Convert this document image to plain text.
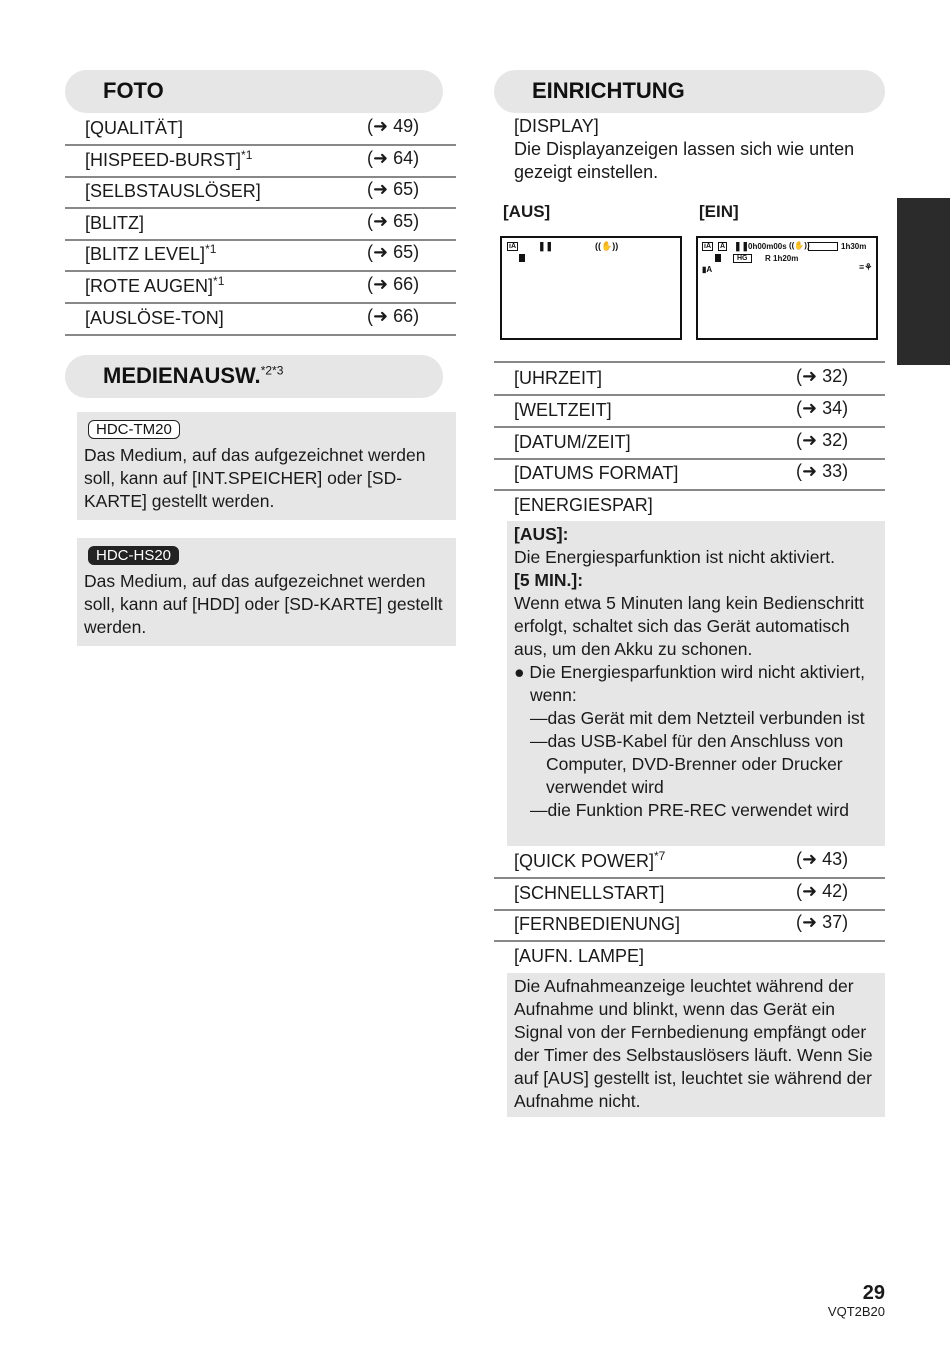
FOTO
[QUALITÄT]	(➜ 49)
[HISPEED-BURST]$^{*1}$	(➜ 64)
[SELBSTAUSLÖSER]	(➜ 65)
[BLITZ]	(➜ 65)
[BLITZ LEVEL]$^{*1}$	(➜ 65)
[ROTE AUGEN]$^{*1}$	(➜ 66)
[AUSLÖSE-TON]	(➜ 66)
MEDIENAUSW.$^{*2*3}$
HDC-TM20
Das Medium, auf das aufgezeichnet werden soll, kann auf [INT.SPEICHER] oder [SD-KARTE] gestellt werden.
HDC-HS20
Das Medium, auf das aufgezeichnet werden soll, kann auf [HDD] oder [SD-KARTE] gestellt werden.
EINRICHTUNG
[DISPLAY]
Die Displayanzeigen lassen sich wie unten gezeigt einstellen.
[AUS]	[EIN]
iA ❚❚	((✋))	iA A ❚❚
0h00m00s ((✋))	1h30m
HG	R 1h20m
▮A	≡⚘
[UHRZEIT]	(➜ 32)
[WELTZEIT]	(➜ 34)
[DATUM/ZEIT]	(➜ 32)
[DATUMS FORMAT]	(➜ 33)
[ENERGIESPAR]
[AUS]:
Die Energiesparfunktion ist nicht aktiviert.
[5 MIN.]:
Wenn etwa 5 Minuten lang kein Bedienschritt erfolgt, schaltet sich das Gerät automatisch aus, um den Akku zu schonen.
● Die Energiesparfunktion wird nicht aktiviert, wenn:
—das Gerät mit dem Netzteil verbunden ist
—das USB-Kabel für den Anschluss von Computer, DVD-Brenner oder Drucker verwendet wird
—die Funktion PRE-REC verwendet wird
[QUICK POWER]$^{*7}$	(➜ 43)
[SCHNELLSTART]	(➜ 42)
[FERNBEDIENUNG]	(➜ 37)
[AUFN. LAMPE]
Die Aufnahmeanzeige leuchtet während der Aufnahme und blinkt, wenn das Gerät ein Signal von der Fernbedienung empfängt oder der Timer des Selbstauslösers läuft. Wenn Sie auf [AUS] gestellt ist, leuchtet sie während der Aufnahme nicht.
29
VQT2B20
